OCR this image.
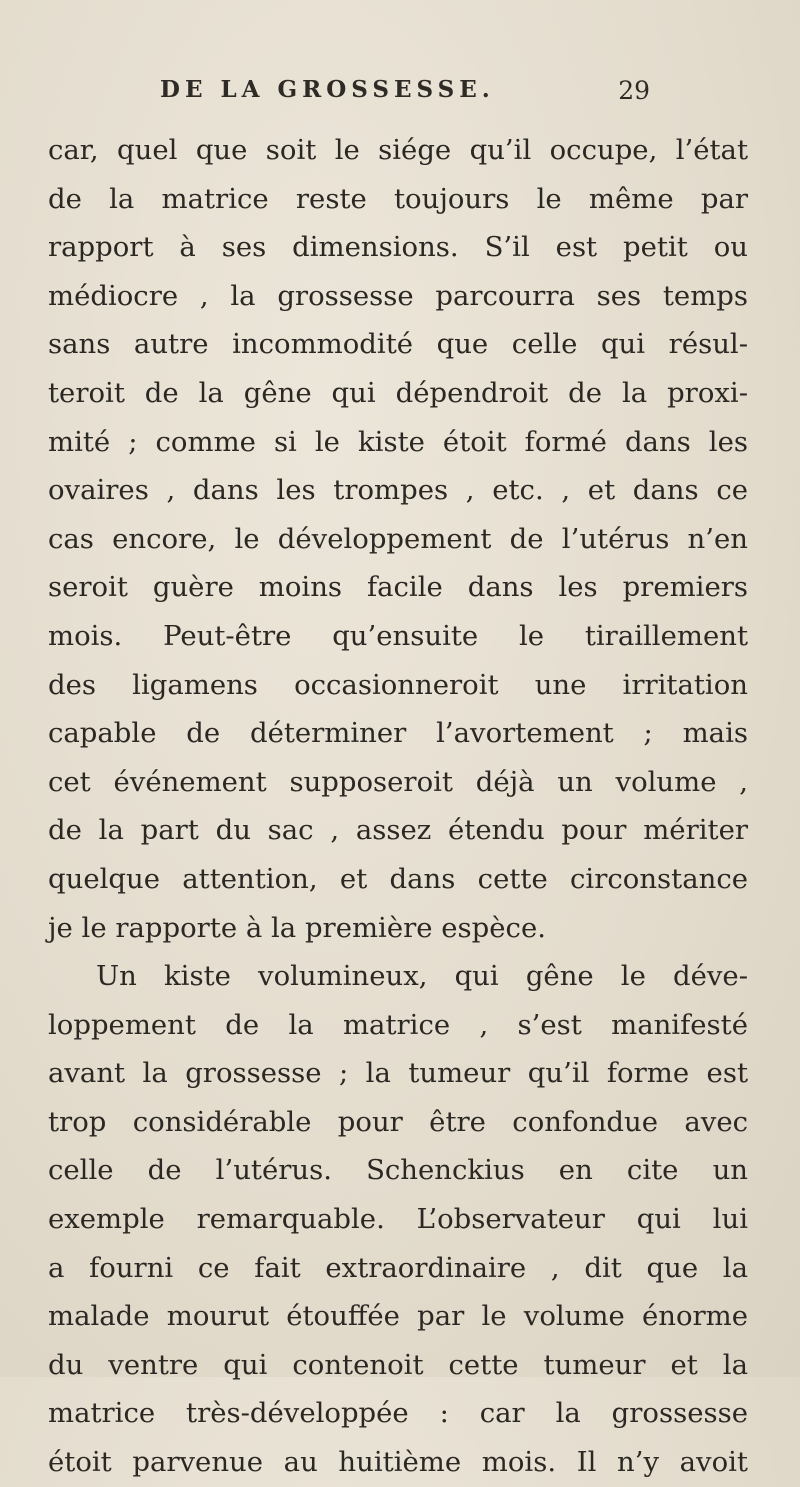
DE LA GROSSESSE.	29
car, quel que soit le siége qu’il occupe, l’état
de la matrice reste toujours le même par
rapport à ses dimensions. S’il est petit ou
médiocre , la grossesse parcourra ses temps
sans autre incommodité que celle qui résul-
teroit de la gêne qui dépendroit de la proxi-
mité ; comme si le kiste étoit formé dans les
ovaires , dans les trompes , etc. , et dans ce
cas encore, le développement de l’utérus n’en
seroit guère moins facile dans les premiers
mois. Peut-être qu’ensuite le tiraillement
des ligamens occasionneroit une irritation
capable de déterminer l’avortement ; mais
cet événement supposeroit déjà un volume ,
de la part du sac , assez étendu pour mériter
quelque attention, et dans cette circonstance
je le rapporte à la première espèce.
Un kiste volumineux, qui gêne le déve-
loppement de la matrice , s’est manifesté
avant la grossesse ; la tumeur qu’il forme est
trop considérable pour être confondue avec
celle de l’utérus. Schenckius en cite un
exemple remarquable. L’observateur qui lui
a fourni ce fait extraordinaire , dit que la
malade mourut étouffée par le volume énorme
du ventre qui contenoit cette tumeur et la
matrice très-développée : car la grossesse
étoit parvenue au huitième mois. Il n’y avoit
